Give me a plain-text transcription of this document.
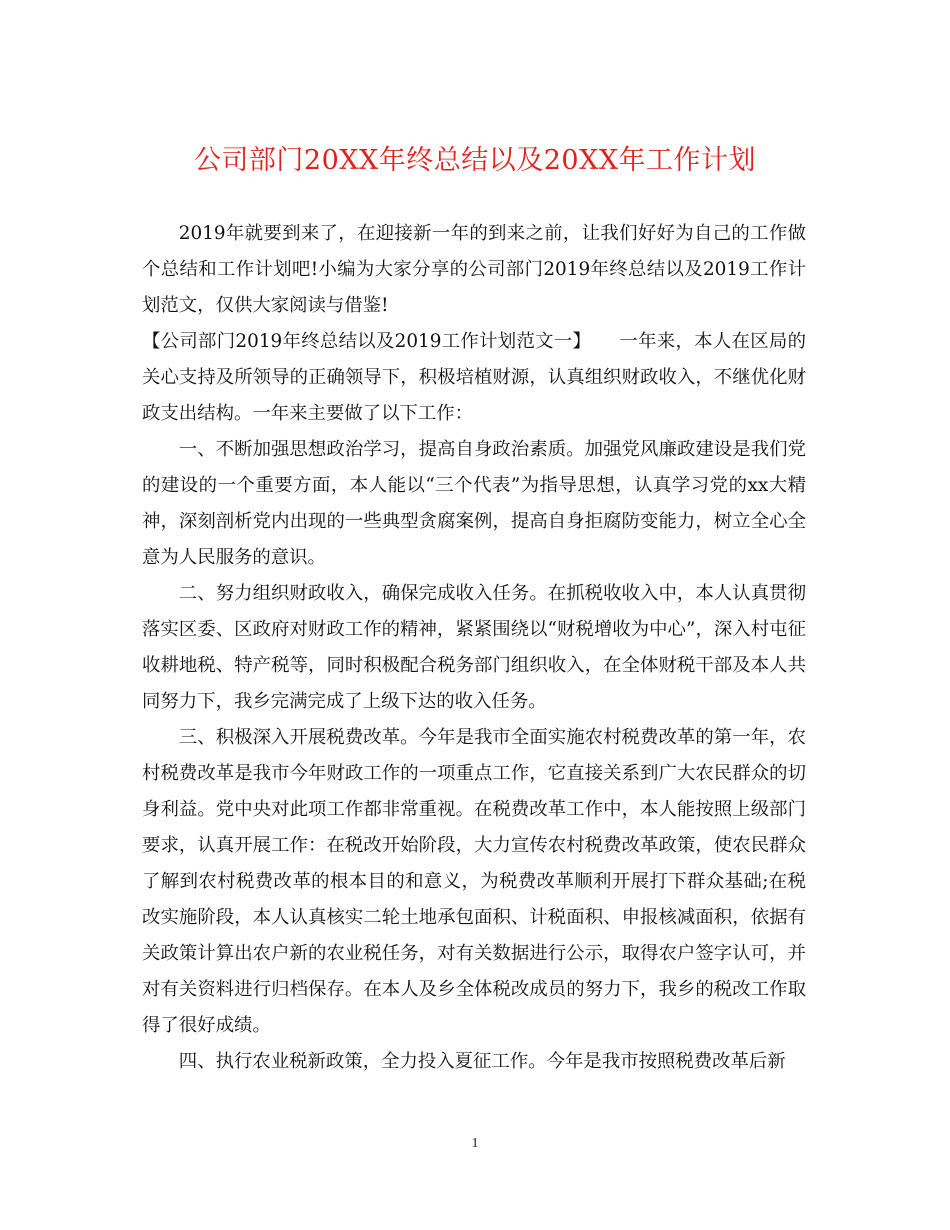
公司部门20XX年终总结以及20XX年工作计划

2019年就要到来了，在迎接新一年的到来之前，让我们好好为自己的工作做个总结和工作计划吧!小编为大家分享的公司部门2019年终总结以及2019工作计划范文，仅供大家阅读与借鉴!

【公司部门2019年终总结以及2019工作计划范文一】　　一年来，本人在区局的关心支持及所领导的正确领导下，积极培植财源，认真组织财政收入，不继优化财政支出结构。一年来主要做了以下工作：

一、不断加强思想政治学习，提高自身政治素质。加强党风廉政建设是我们党的建设的一个重要方面，本人能以“三个代表”为指导思想，认真学习党的xx大精神，深刻剖析党内出现的一些典型贪腐案例，提高自身拒腐防变能力，树立全心全意为人民服务的意识。

二、努力组织财政收入，确保完成收入任务。在抓税收收入中，本人认真贯彻落实区委、区政府对财政工作的精神，紧紧围绕以“财税增收为中心”，深入村屯征收耕地税、特产税等，同时积极配合税务部门组织收入，在全体财税干部及本人共同努力下，我乡完满完成了上级下达的收入任务。

三、积极深入开展税费改革。今年是我市全面实施农村税费改革的第一年，农村税费改革是我市今年财政工作的一项重点工作，它直接关系到广大农民群众的切身利益。党中央对此项工作都非常重视。在税费改革工作中，本人能按照上级部门要求，认真开展工作：在税改开始阶段，大力宣传农村税费改革政策，使农民群众了解到农村税费改革的根本目的和意义，为税费改革顺利开展打下群众基础;在税改实施阶段，本人认真核实二轮土地承包面积、计税面积、申报核减面积，依据有关政策计算出农户新的农业税任务，对有关数据进行公示，取得农户签字认可，并对有关资料进行归档保存。在本人及乡全体税改成员的努力下，我乡的税改工作取得了很好成绩。

四、执行农业税新政策，全力投入夏征工作。今年是我市按照税费改革后新

1
